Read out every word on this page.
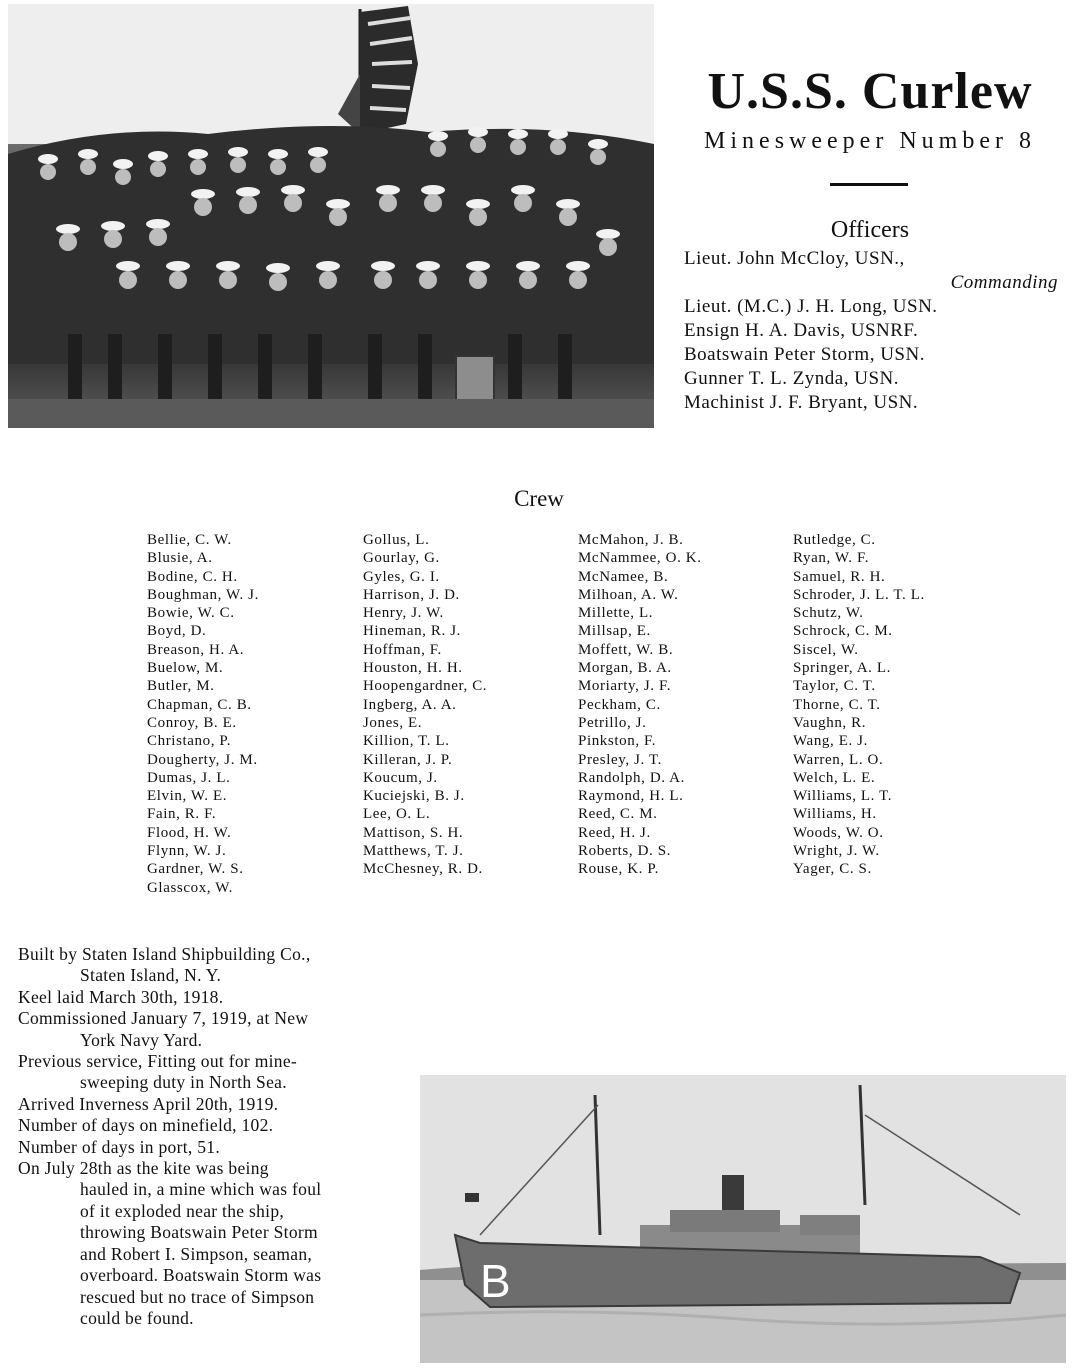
U.S.S. Curlew
Minesweeper Number 8
Officers
Lieut. John McCloy, USN.,
Commanding
Lieut. (M.C.) J. H. Long, USN.
Ensign H. A. Davis, USNRF.
Boatswain Peter Storm, USN.
Gunner T. L. Zynda, USN.
Machinist J. F. Bryant, USN.
Crew
Bellie, C. W.
Blusie, A.
Bodine, C. H.
Boughman, W. J.
Bowie, W. C.
Boyd, D.
Breason, H. A.
Buelow, M.
Butler, M.
Chapman, C. B.
Conroy, B. E.
Christano, P.
Dougherty, J. M.
Dumas, J. L.
Elvin, W. E.
Fain, R. F.
Flood, H. W.
Flynn, W. J.
Gardner, W. S.
Glasscox, W.
Gollus, L.
Gourlay, G.
Gyles, G. I.
Harrison, J. D.
Henry, J. W.
Hineman, R. J.
Hoffman, F.
Houston, H. H.
Hoopengardner, C.
Ingberg, A. A.
Jones, E.
Killion, T. L.
Killeran, J. P.
Koucum, J.
Kuciejski, B. J.
Lee, O. L.
Mattison, S. H.
Matthews, T. J.
McChesney, R. D.
McMahon, J. B.
McNammee, O. K.
McNamee, B.
Milhoan, A. W.
Millette, L.
Millsap, E.
Moffett, W. B.
Morgan, B. A.
Moriarty, J. F.
Peckham, C.
Petrillo, J.
Pinkston, F.
Presley, J. T.
Randolph, D. A.
Raymond, H. L.
Reed, C. M.
Reed, H. J.
Roberts, D. S.
Rouse, K. P.
Rutledge, C.
Ryan, W. F.
Samuel, R. H.
Schroder, J. L. T. L.
Schutz, W.
Schrock, C. M.
Siscel, W.
Springer, A. L.
Taylor, C. T.
Thorne, C. T.
Vaughn, R.
Wang, E. J.
Warren, L. O.
Welch, L. E.
Williams, L. T.
Williams, H.
Woods, W. O.
Wright, J. W.
Yager, C. S.
Built by Staten Island Shipbuilding Co.,
Staten Island, N. Y.
Keel laid March 30th, 1918.
Commissioned January 7, 1919, at New
York Navy Yard.
Previous service, Fitting out for mine-
sweeping duty in North Sea.
Arrived Inverness April 20th, 1919.
Number of days on minefield, 102.
Number of days in port, 51.
On July 28th as the kite was being
hauled in, a mine which was foul
of it exploded near the ship,
throwing Boatswain Peter Storm
and Robert I. Simpson, seaman,
overboard. Boatswain Storm was
rescued but no trace of Simpson
could be found.
B
